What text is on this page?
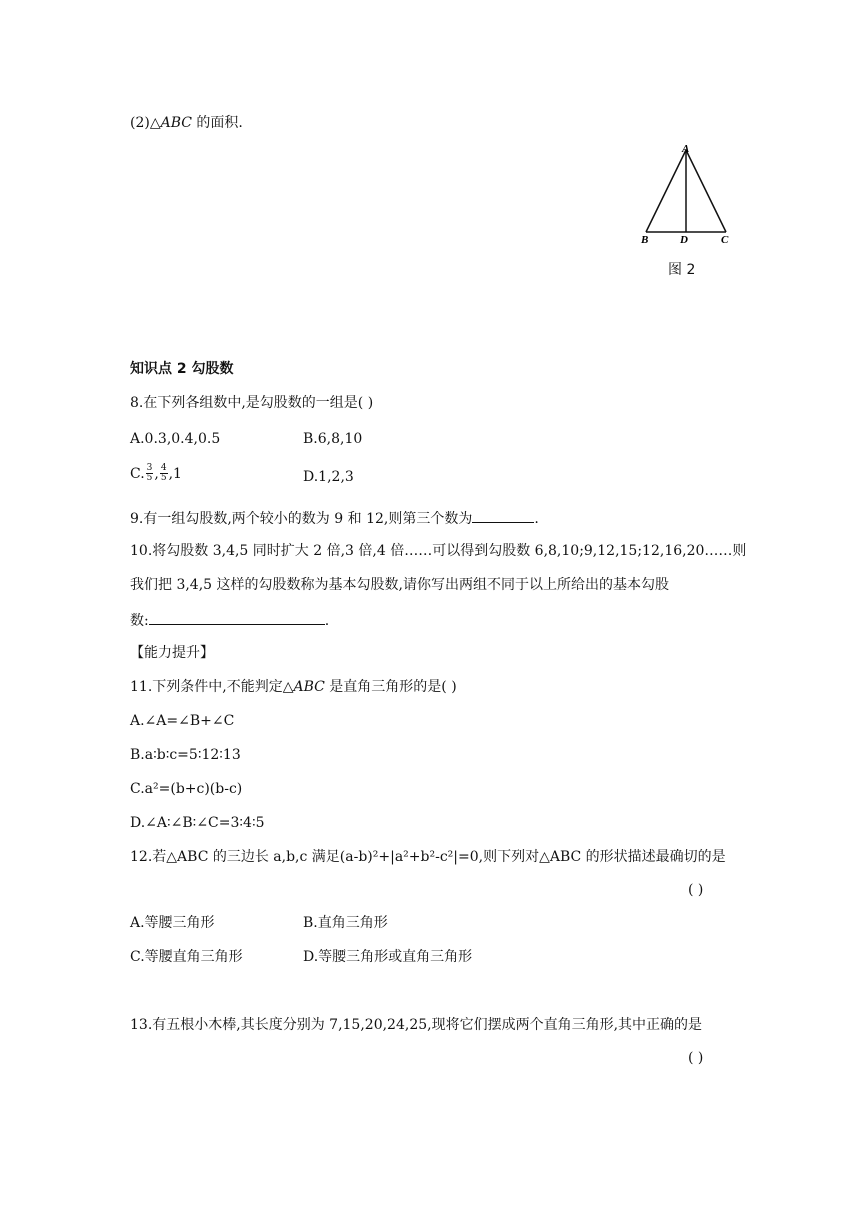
(2)△ABC 的面积.
A
B	D	C
图 2
知识点 2 勾股数
8.在下列各组数中,是勾股数的一组是( )
A.0.3,0.4,0.5	B.6,8,10
C. $\frac{3}{5}$ , $\frac{4}{5} ,1$	D.1,2,3
9.有一组勾股数,两个较小的数为 9 和 12,则第三个数为	.
10.将勾股数 3,4,5 同时扩大 2 倍,3 倍,4 倍……可以得到勾股数 6,8,10;9,12,15;12,16,20……则
我们把 3,4,5 这样的勾股数称为基本勾股数,请你写出两组不同于以上所给出的基本勾股
数:	.
【能力提升】
11.下列条件中,不能判定△ABC 是直角三角形的是( )
A.∠A=∠B+∠C
B.a∶b∶c=5∶12∶13
C.a²=(b+c)(b-c)
D.∠A∶∠B∶∠C=3∶4∶5
12.若△ABC 的三边长 a,b,c 满足(a-b)²+|a²+b²-c²|=0,则下列对△ABC 的形状描述最确切的是
( )
A.等腰三角形	B.直角三角形
C.等腰直角三角形	D.等腰三角形或直角三角形
13.有五根小木棒,其长度分别为 7,15,20,24,25,现将它们摆成两个直角三角形,其中正确的是
( )
